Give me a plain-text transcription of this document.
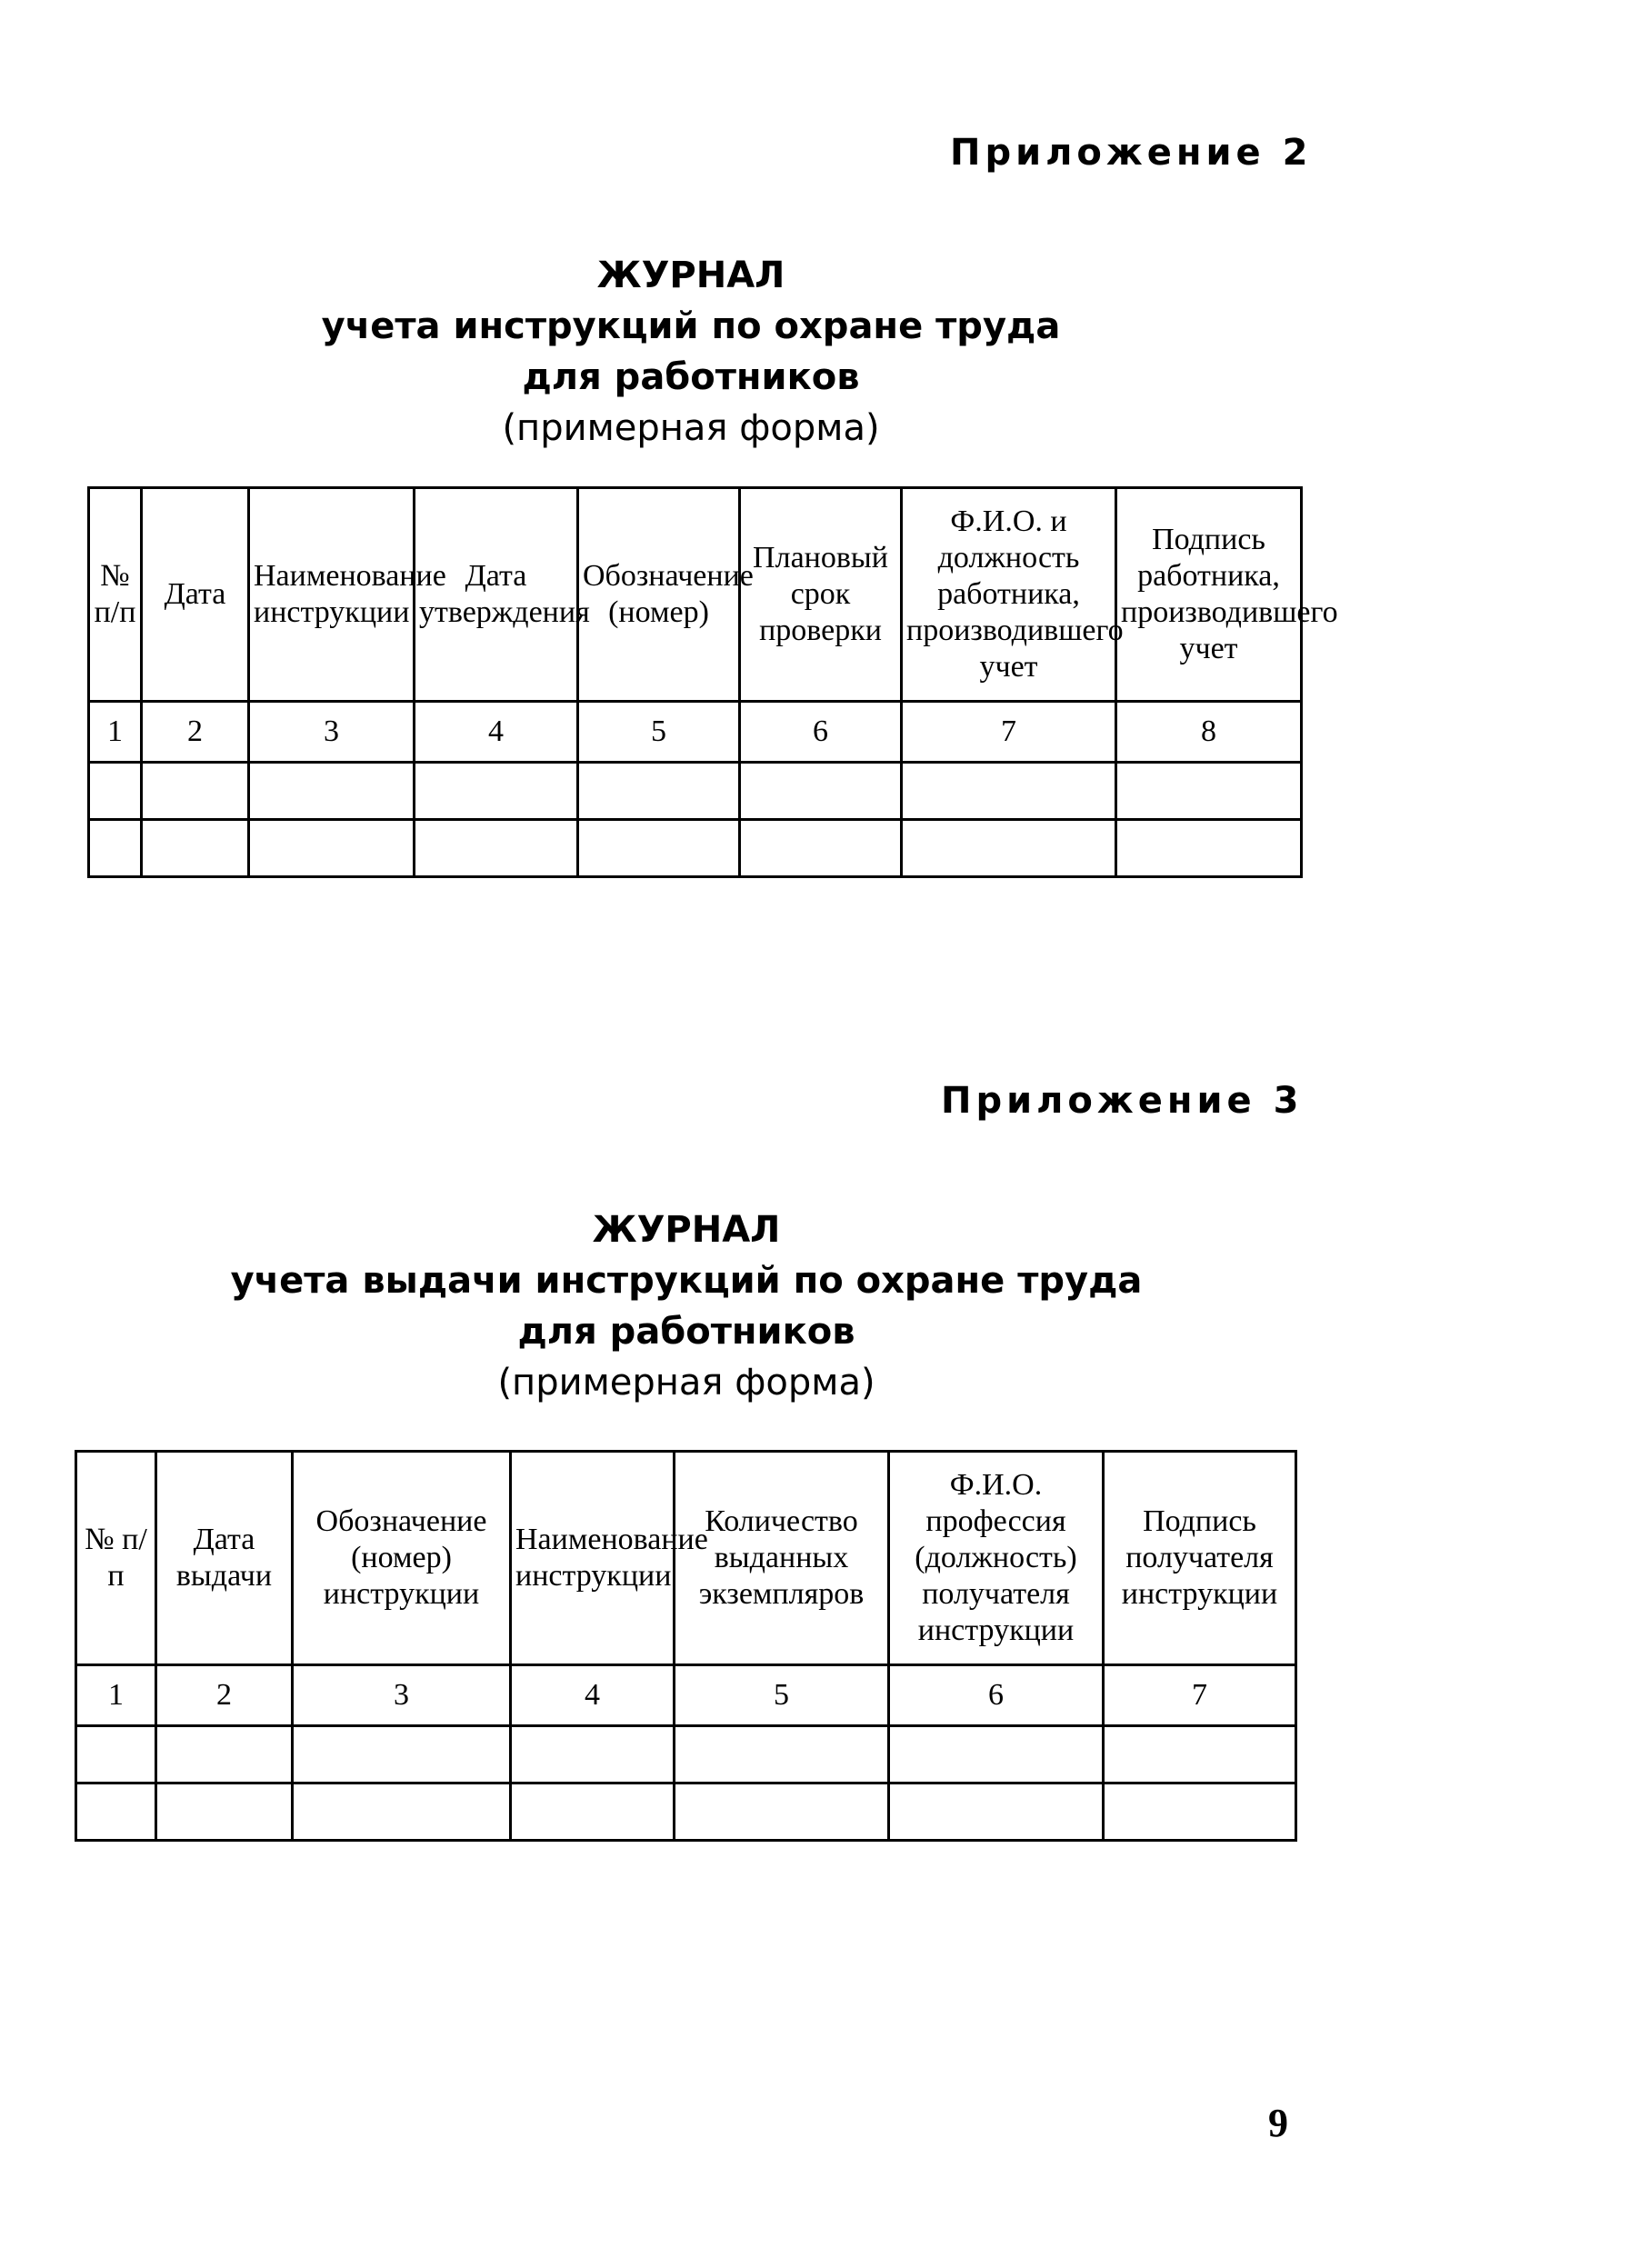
Приложение 2
ЖУРНАЛ
учета инструкций по охране труда
для работников
(примерная форма)
№ п/п	Дата	Наименование инструкции	Дата утверждения	Обозначение (номер)	Плановый срок проверки	Ф.И.О. и должность работника, производившего учет	Подпись работника, производившего учет
1	2	3	4	5	6	7	8

Приложение 3
ЖУРНАЛ
учета выдачи инструкций по охране труда
для работников
(примерная форма)
№ п/п	Дата выдачи	Обозначение (номер) инструкции	Наименование инструкции	Количество выданных экземпляров	Ф.И.О. профессия (должность) получателя инструкции	Подпись получателя инструкции
1	2	3	4	5	6	7

9
